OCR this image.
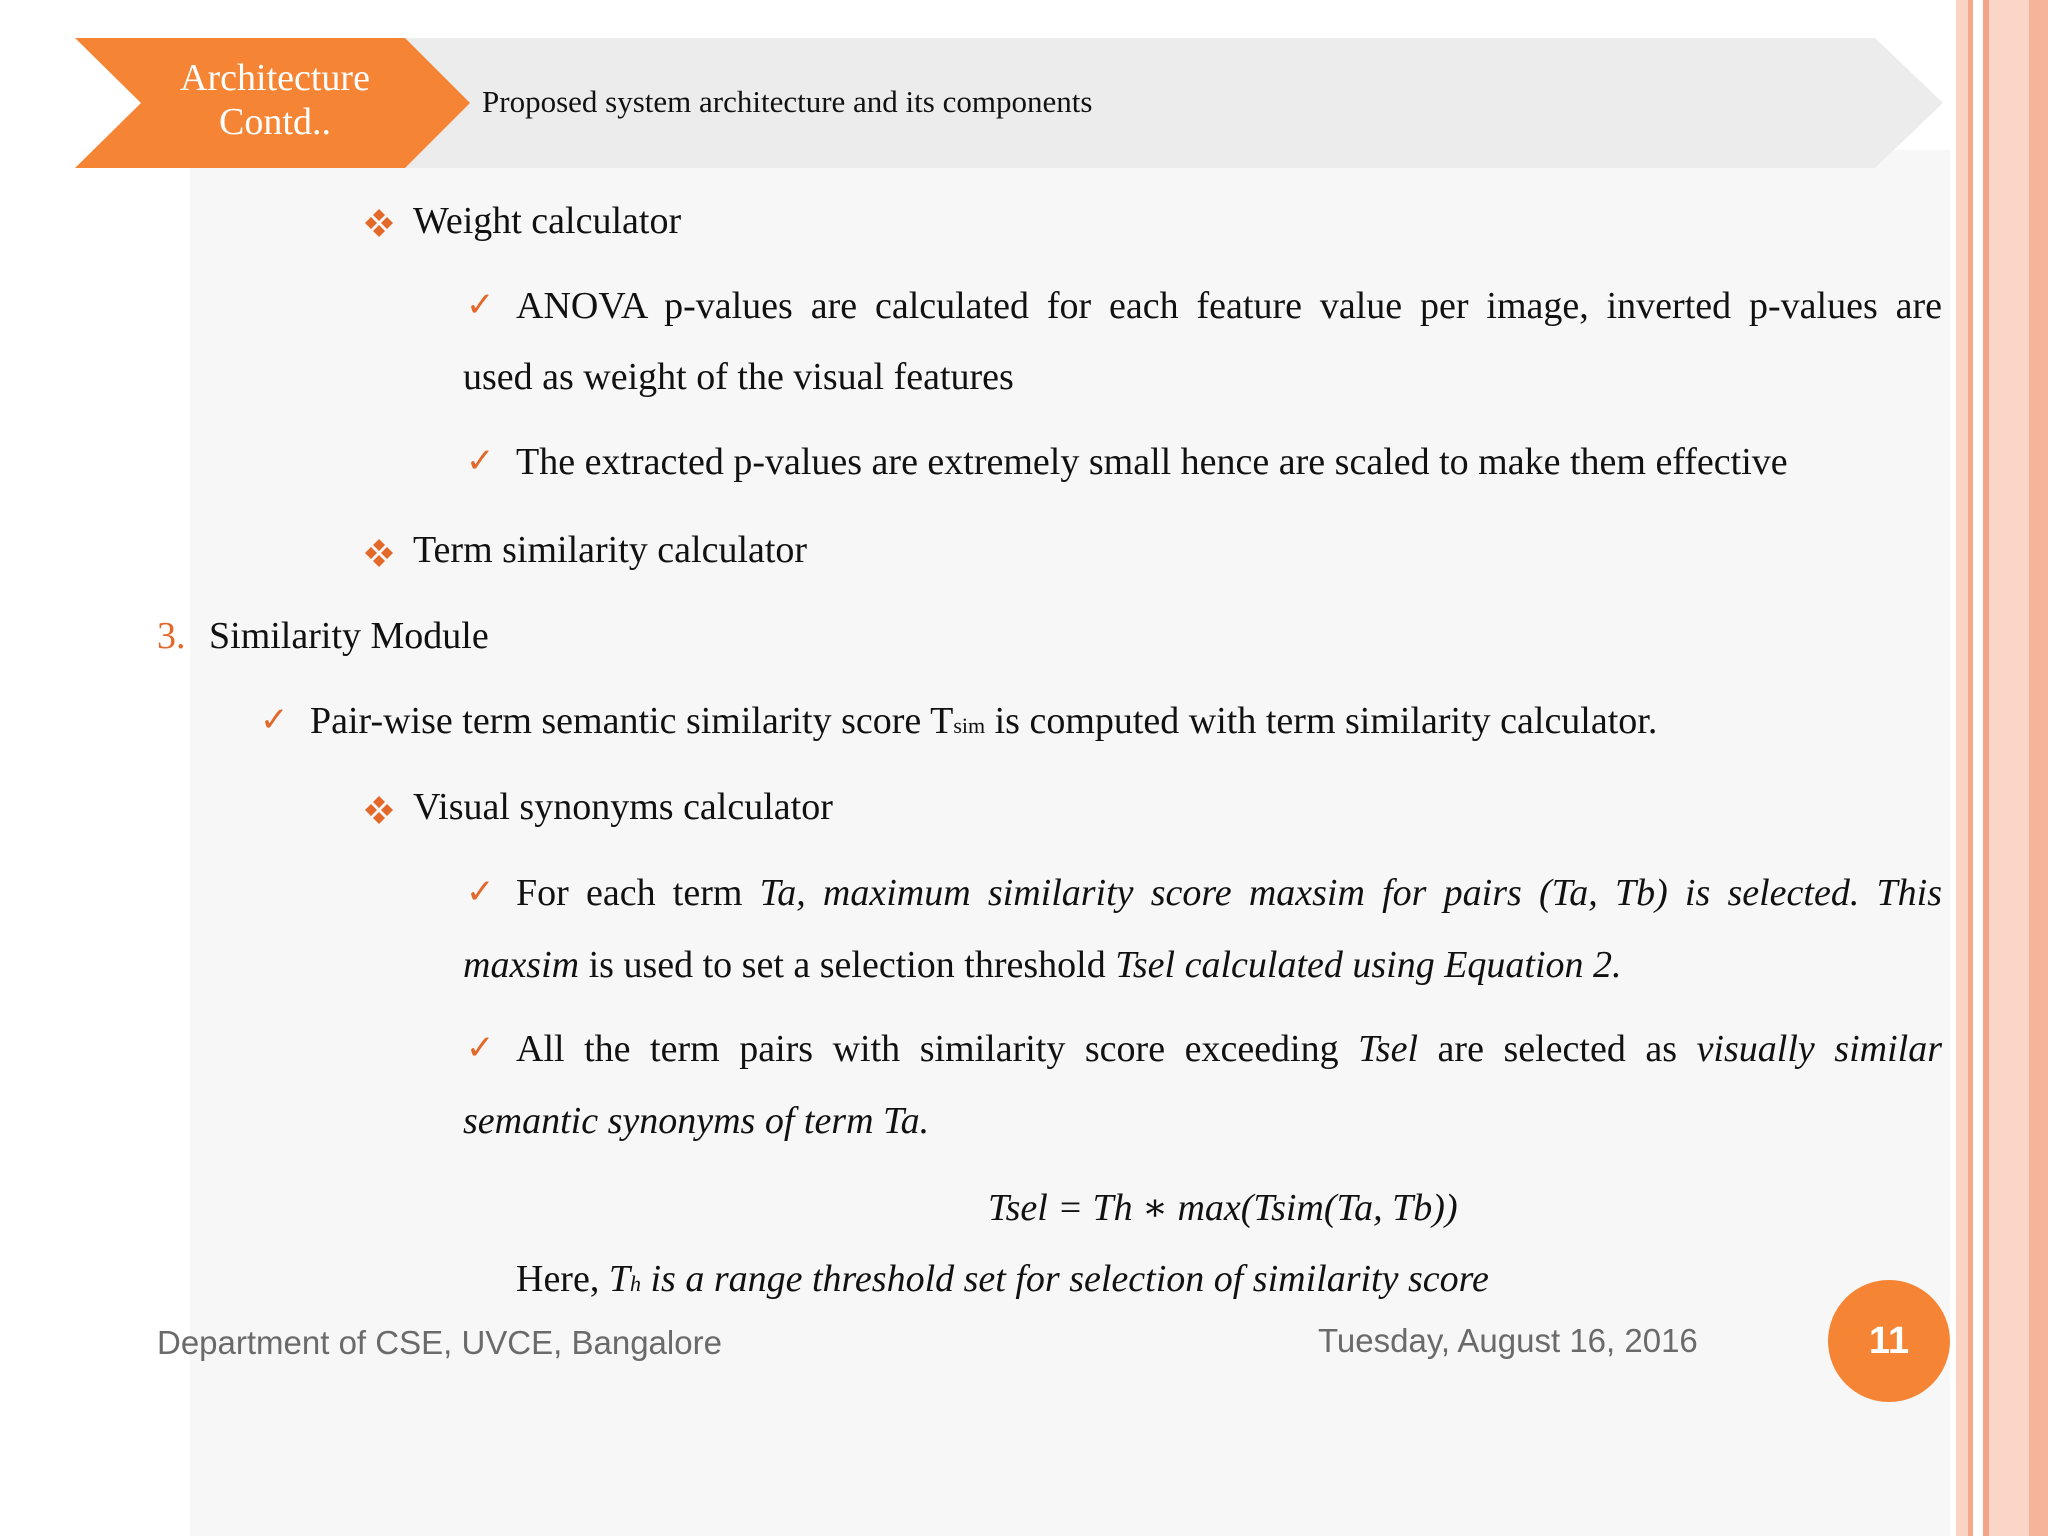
Architecture
Contd..	Proposed system architecture and its components
Weight calculator
✓ ANOVA p-values are calculated for each feature value per image, inverted p-values are
used as weight of the visual features
✓ The extracted p-values are extremely small hence are scaled to make them effective
Term similarity calculator
3. Similarity Module
✓ Pair-wise term semantic similarity score Tsim is computed with term similarity calculator.
Visual synonyms calculator
✓ For each term Ta, maximum similarity score maxsim for pairs (Ta, Tb) is selected. This
maxsim is used to set a selection threshold Tsel calculated using Equation 2.
✓ All the term pairs with similarity score exceeding Tsel are selected as visually similar
semantic synonyms of term Ta.
Tsel = Th ∗ max(Tsim(Ta, Tb))
Here, Th is a range threshold set for selection of similarity score
Department of CSE, UVCE, Bangalore	Tuesday, August 16, 2016	11
